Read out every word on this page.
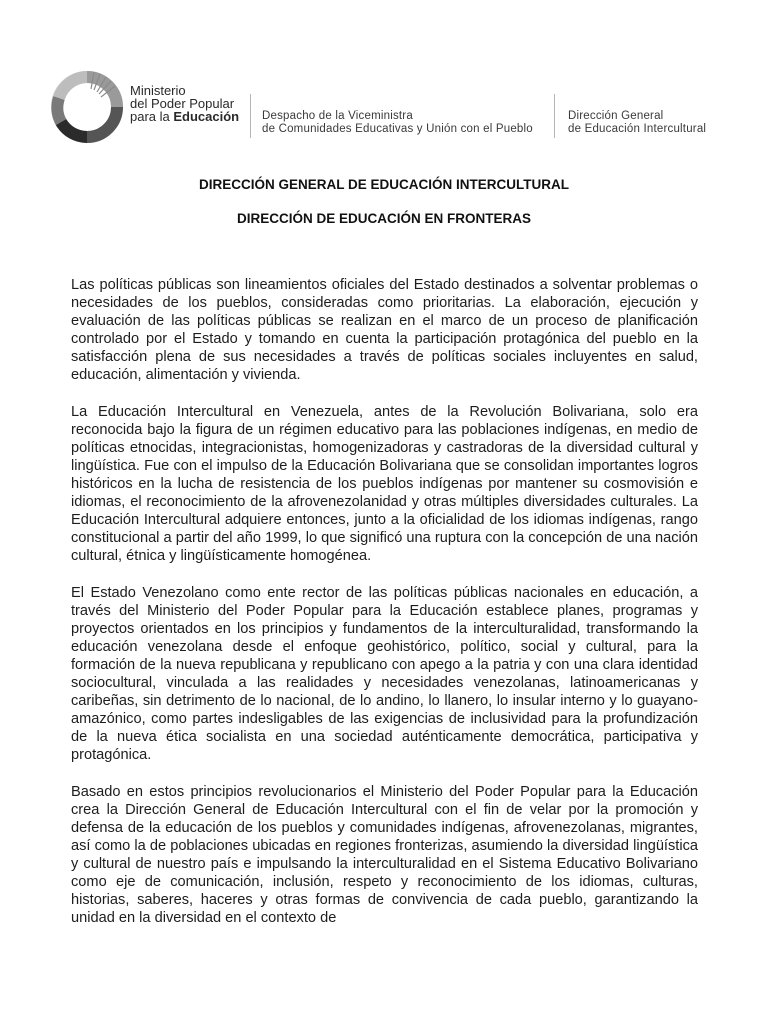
Ministerio
del Poder Popular
para la Educación Despacho de la Viceministra
de Comunidades Educativas y Unión con el Pueblo
Dirección General
de Educación Intercultural
DIRECCIÓN GENERAL DE EDUCACIÓN INTERCULTURAL
DIRECCIÓN DE EDUCACIÓN EN FRONTERAS

Las políticas públicas son lineamientos oficiales del Estado destinados a solventar problemas o necesidades de los pueblos, consideradas como prioritarias. La elaboración, ejecución y evaluación de las políticas públicas se realizan en el marco de un proceso de planificación controlado por el Estado y tomando en cuenta la participación protagónica del pueblo en la satisfacción plena de sus necesidades a través de políticas sociales incluyentes en salud, educación, alimentación y vivienda.

La Educación Intercultural en Venezuela, antes de la Revolución Bolivariana, solo era reconocida bajo la figura de un régimen educativo para las poblaciones indígenas, en medio de políticas etnocidas, integracionistas, homogenizadoras y castradoras de la diversidad cultural y lingüística. Fue con el impulso de la Educación Bolivariana que se consolidan importantes logros históricos en la lucha de resistencia de los pueblos indígenas por mantener su cosmovisión e idiomas, el reconocimiento de la afrovenezolanidad y otras múltiples diversidades culturales. La Educación Intercultural adquiere entonces, junto a la oficialidad de los idiomas indígenas, rango constitucional a partir del año 1999, lo que significó una ruptura con la concepción de una nación cultural, étnica y lingüísticamente homogénea.

El Estado Venezolano como ente rector de las políticas públicas nacionales en educación, a través del Ministerio del Poder Popular para la Educación establece planes, programas y proyectos orientados en los principios y fundamentos de la interculturalidad, transformando la educación venezolana desde el enfoque geohistórico, político, social y cultural, para la formación de la nueva republicana y republicano con apego a la patria y con una clara identidad sociocultural, vinculada a las realidades y necesidades venezolanas, latinoamericanas y caribeñas, sin detrimento de lo nacional, de lo andino, lo llanero, lo insular interno y lo guayano-amazónico, como partes indesligables de las exigencias de inclusividad para la profundización de la nueva ética socialista en una sociedad auténticamente democrática, participativa y protagónica.

Basado en estos principios revolucionarios el Ministerio del Poder Popular para la Educación crea la Dirección General de Educación Intercultural con el fin de velar por la promoción y defensa de la educación de los pueblos y comunidades indígenas, afrovenezolanas, migrantes, así como la de poblaciones ubicadas en regiones fronterizas, asumiendo la diversidad lingüística y cultural de nuestro país e impulsando la interculturalidad en el Sistema Educativo Bolivariano como eje de comunicación, inclusión, respeto y reconocimiento de los idiomas, culturas, historias, saberes, haceres y otras formas de convivencia de cada pueblo, garantizando la unidad en la diversidad en el contexto de
